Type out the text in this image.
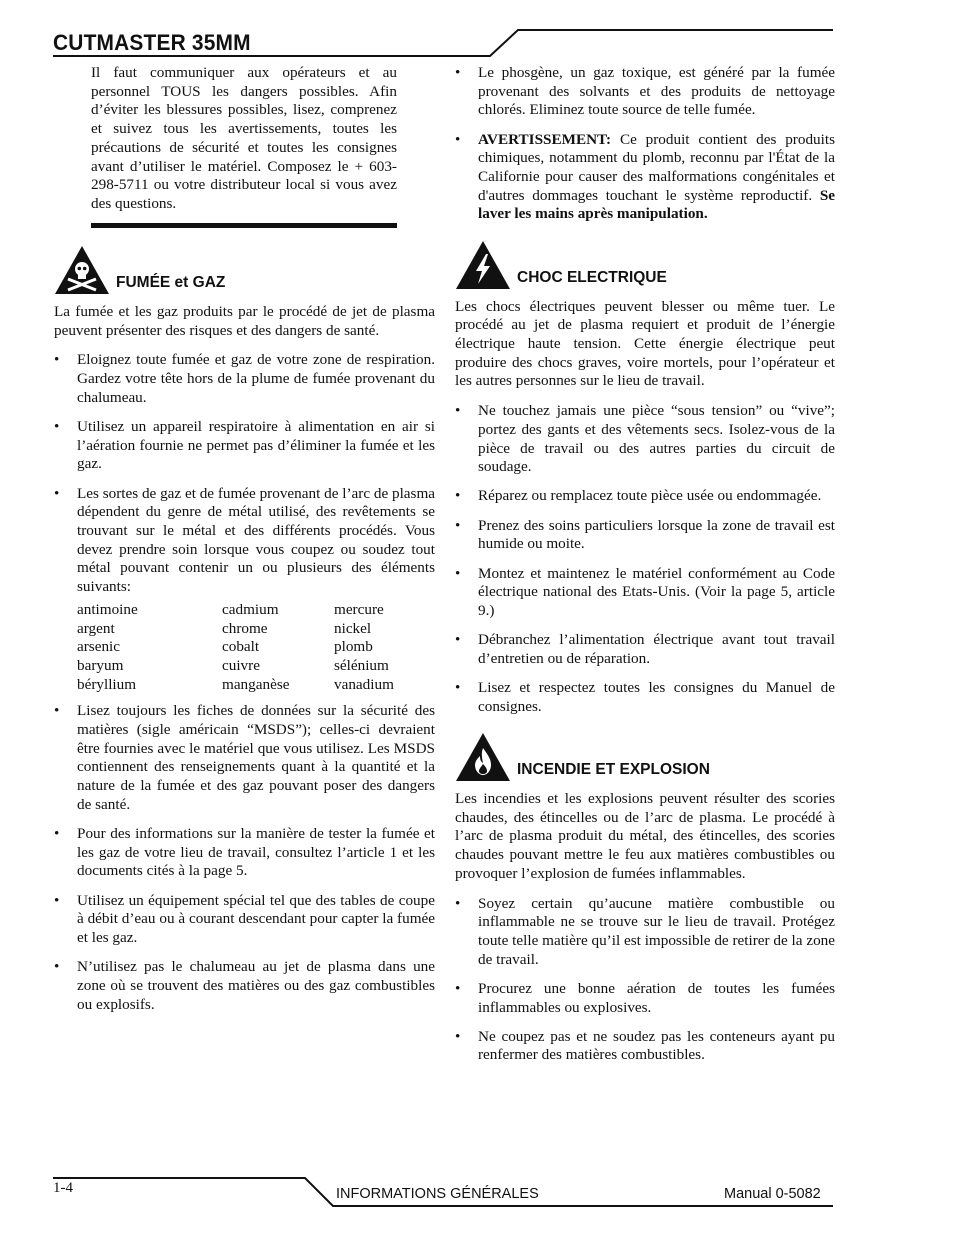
CUTMASTER 35MM

Il faut communiquer aux opérateurs et au personnel TOUS les dangers possibles. Afin d’éviter les blessures possibles, lisez, comprenez et suivez tous les avertissements, toutes les précautions de sécurité et toutes les consignes avant d’utiliser le matériel. Composez le + 603-298-5711 ou votre distributeur local si vous avez des questions.

FUMÉE et GAZ

La fumée et les gaz produits par le procédé de jet de plasma peuvent présenter des risques et des dangers de santé.

• Eloignez toute fumée et gaz de votre zone de respiration. Gardez votre tête hors de la plume de fumée provenant du chalumeau.
• Utilisez un appareil respiratoire à alimentation en air si l’aération fournie ne permet pas d’éliminer la fumée et les gaz.
• Les sortes de gaz et de fumée provenant de l’arc de plasma dépendent du genre de métal utilisé, des revêtements se trouvant sur le métal et des différents procédés. Vous devez prendre soin lorsque vous coupez ou soudez tout métal pouvant contenir un ou plusieurs des éléments suivants:
antimoine	cadmium	mercure
argent	chrome	nickel
arsenic	cobalt	plomb
baryum	cuivre	sélénium
béryllium	manganèse	vanadium
• Lisez toujours les fiches de données sur la sécurité des matières (sigle américain “MSDS”); celles-ci devraient être fournies avec le matériel que vous utilisez. Les MSDS contiennent des renseignements quant à la quantité et la nature de la fumée et des gaz pouvant poser des dangers de santé.
• Pour des informations sur la manière de tester la fumée et les gaz de votre lieu de travail, consultez l’article 1 et les documents cités à la page 5.
• Utilisez un équipement spécial tel que des tables de coupe à débit d’eau ou à courant descendant pour capter la fumée et les gaz.
• N’utilisez pas le chalumeau au jet de plasma dans une zone où se trouvent des matières ou des gaz combustibles ou explosifs.
• Le phosgène, un gaz toxique, est généré par la fumée provenant des solvants et des produits de nettoyage chlorés. Eliminez toute source de telle fumée.
• AVERTISSEMENT: Ce produit contient des produits chimiques, notamment du plomb, reconnu par l'État de la Californie pour causer des malformations congénitales et d'autres dommages touchant le système reproductif. Se laver les mains après manipulation.
CHOC ELECTRIQUE

Les chocs électriques peuvent blesser ou même tuer. Le procédé au jet de plasma requiert et produit de l’énergie électrique haute tension. Cette énergie électrique peut produire des chocs graves, voire mortels, pour l’opérateur et les autres personnes sur le lieu de travail.

• Ne touchez jamais une pièce “sous tension” ou “vive”; portez des gants et des vêtements secs. Isolez-vous de la pièce de travail ou des autres parties du circuit de soudage.
• Réparez ou remplacez toute pièce usée ou endommagée.
• Prenez des soins particuliers lorsque la zone de travail est humide ou moite.
• Montez et maintenez le matériel conformément au Code électrique national des Etats-Unis. (Voir la page 5, article 9.)
• Débranchez l’alimentation électrique avant tout travail d’entretien ou de réparation.
• Lisez et respectez toutes les consignes du Manuel de consignes.
INCENDIE ET EXPLOSION

Les incendies et les explosions peuvent résulter des scories chaudes, des étincelles ou de l’arc de plasma. Le procédé à l’arc de plasma produit du métal, des étincelles, des scories chaudes pouvant mettre le feu aux matières combustibles ou provoquer l’explosion de fumées inflammables.

• Soyez certain qu’aucune matière combustible ou inflammable ne se trouve sur le lieu de travail. Protégez toute telle matière qu’il est impossible de retirer de la zone de travail.
• Procurez une bonne aération de toutes les fumées inflammables ou explosives.
• Ne coupez pas et ne soudez pas les conteneurs ayant pu renfermer des matières combustibles.
1-4	INFORMATIONS GÉNÉRALES	Manual 0-5082
